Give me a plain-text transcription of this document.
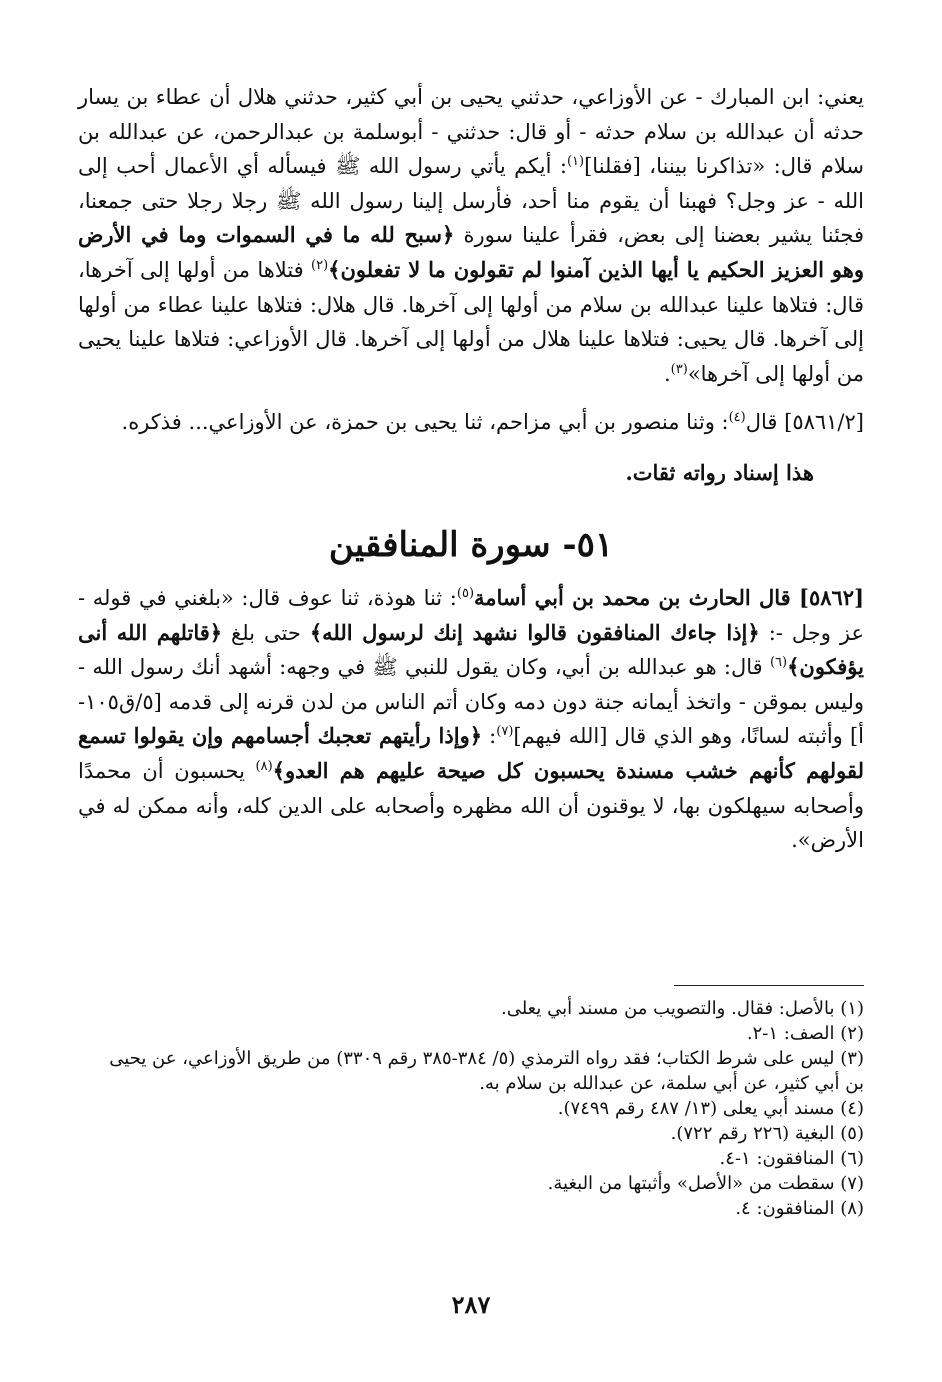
يعني: ابن المبارك - عن الأوزاعي، حدثني يحيى بن أبي كثير، حدثني هلال أن عطاء بن يسار حدثه أن عبدالله بن سلام حدثه - أو قال: حدثني - أبوسلمة بن عبدالرحمن، عن عبدالله بن سلام قال: «تذاكرنا بيننا، [فقلنا]$^{(١)}$: أيكم يأتي رسول الله ﷺ فيسأله أي الأعمال أحب إلى الله - عز وجل؟ فهبنا أن يقوم منا أحد، فأرسل إلينا رسول الله ﷺ رجلا رجلا حتى جمعنا، فجئنا يشير بعضنا إلى بعض، فقرأ علينا سورة ﴿سبح لله ما في السموات وما في الأرض وهو العزيز الحكيم يا أيها الذين آمنوا لم تقولون ما لا تفعلون﴾$^{(٢)}$ فتلاها من أولها إلى آخرها، قال: فتلاها علينا عبدالله بن سلام من أولها إلى آخرها. قال هلال: فتلاها علينا عطاء من أولها إلى آخرها. قال يحيى: فتلاها علينا هلال من أولها إلى آخرها. قال الأوزاعي: فتلاها علينا يحيى من أولها إلى آخرها»$^{(٣)}$.

[٥٨٦١/٢] قال$^{(٤)}$: وثنا منصور بن أبي مزاحم، ثنا يحيى بن حمزة، عن الأوزاعي... فذكره.

هذا إسناد رواته ثقات.
٥١- سورة المنافقين

[٥٨٦٢] قال الحارث بن محمد بن أبي أسامة$^{(٥)}$: ثنا هوذة، ثنا عوف قال: «بلغني في قوله - عز وجل -: ﴿إذا جاءك المنافقون قالوا نشهد إنك لرسول الله﴾ حتى بلغ ﴿قاتلهم الله أنى يؤفكون﴾$^{(٦)}$ قال: هو عبدالله بن أبي، وكان يقول للنبي ﷺ في وجهه: أشهد أنك رسول الله - وليس بموقن - واتخذ أيمانه جنة دون دمه وكان أتم الناس من لدن قرنه إلى قدمه [٥/ق١٠٥-أ] وأثبته لسانًا، وهو الذي قال [الله فيهم]$^{(٧)}$: ﴿وإذا رأيتهم تعجبك أجسامهم وإن يقولوا تسمع لقولهم كأنهم خشب مسندة يحسبون كل صيحة عليهم هم العدو﴾$^{(٨)}$ يحسبون أن محمدًا وأصحابه سيهلكون بها، لا يوقنون أن الله مظهره وأصحابه على الدين كله، وأنه ممكن له في الأرض».

(١) بالأصل: فقال. والتصويب من مسند أبي يعلى.

(٢) الصف: ١-٢.

(٣) ليس على شرط الكتاب؛ فقد رواه الترمذي (٥/ ٣٨٤-٣٨٥ رقم ٣٣٠٩) من طريق الأوزاعي، عن يحيى بن أبي كثير، عن أبي سلمة، عن عبدالله بن سلام به.

(٤) مسند أبي يعلى (١٣/ ٤٨٧ رقم ٧٤٩٩).

(٥) البغية (٢٢٦ رقم ٧٢٢).

(٦) المنافقون: ١-٤.

(٧) سقطت من «الأصل» وأثبتها من البغية.

(٨) المنافقون: ٤.

٢٨٧
